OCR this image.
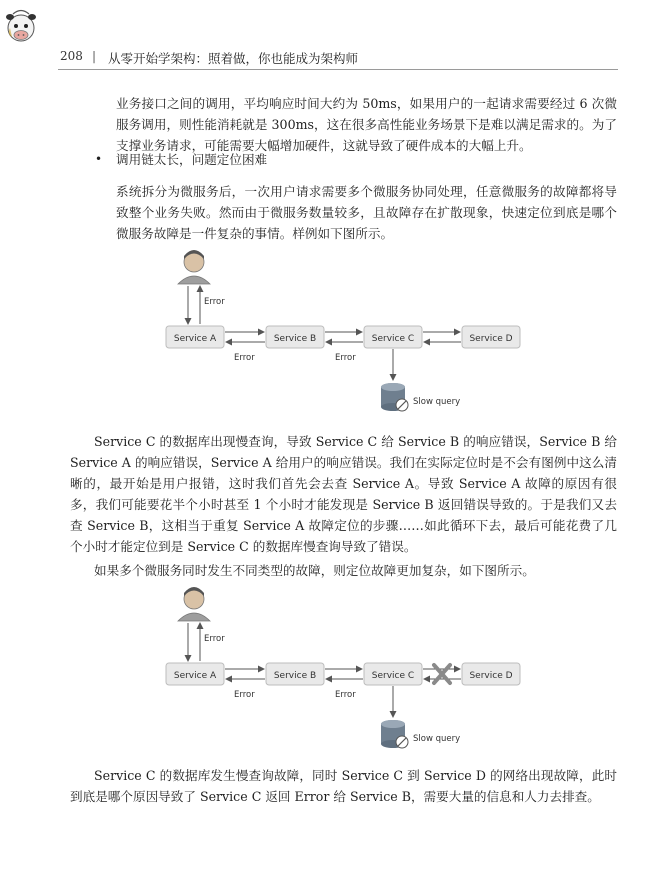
208 | 从零开始学架构：照着做，你也能成为架构师
业务接口之间的调用，平均响应时间大约为 50ms，如果用户的一起请求需要经过 6 次微服务调用，则性能消耗就是 300ms，这在很多高性能业务场景下是难以满足需求的。为了支撑业务请求，可能需要大幅增加硬件，这就导致了硬件成本的大幅上升。
• 调用链太长，问题定位困难
系统拆分为微服务后，一次用户请求需要多个微服务协同处理，任意微服务的故障都将导致整个业务失败。然而由于微服务数量较多，且故障存在扩散现象，快速定位到底是哪个微服务故障是一件复杂的事情。样例如下图所示。
Error
Service A	Service B	Service C	Service D
Error	Error
Slow query
Service C 的数据库出现慢查询，导致 Service C 给 Service B 的响应错误，Service B 给 Service A 的响应错误，Service A 给用户的响应错误。我们在实际定位时是不会有图例中这么清晰的，最开始是用户报错，这时我们首先会去查 Service A。导致 Service A 故障的原因有很多，我们可能要花半个小时甚至 1 个小时才能发现是 Service B 返回错误导致的。于是我们又去查 Service B，这相当于重复 Service A 故障定位的步骤……如此循环下去，最后可能花费了几个小时才能定位到是 Service C 的数据库慢查询导致了错误。
如果多个微服务同时发生不同类型的故障，则定位故障更加复杂，如下图所示。
Error
Service A	Service B	Service C	Service D
Error	Error
Slow query
Service C 的数据库发生慢查询故障，同时 Service C 到 Service D 的网络出现故障，此时到底是哪个原因导致了 Service C 返回 Error 给 Service B，需要大量的信息和人力去排查。
